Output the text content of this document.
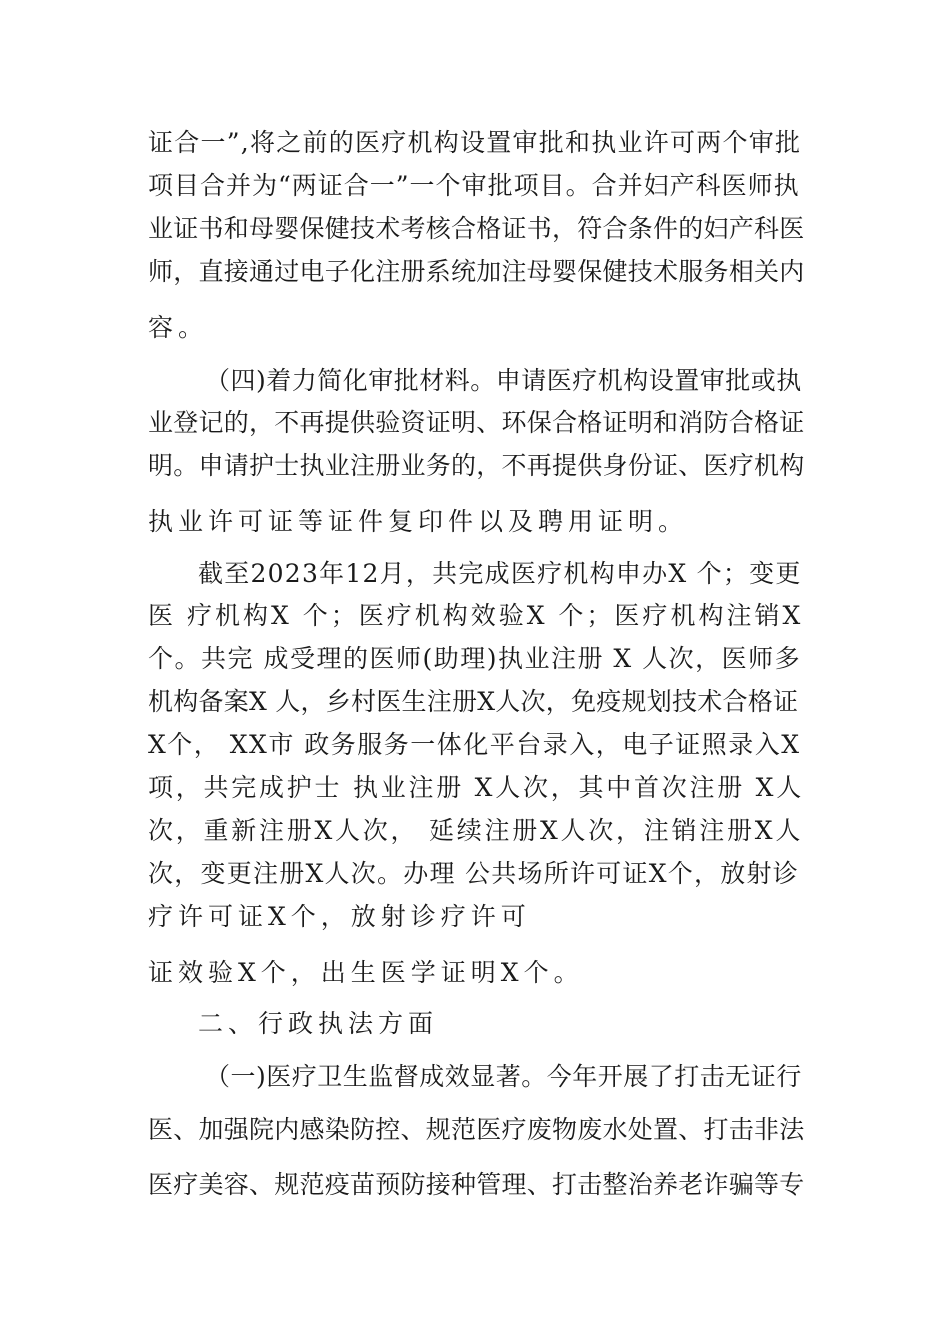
证合一”,将之前的医疗机构设置审批和执业许可两个审批
项目合并为“两证合一”一个审批项目。合并妇产科医师执
业证书和母婴保健技术考核合格证书，符合条件的妇产科医
师，直接通过电子化注册系统加注母婴保健技术服务相关内
容。
（四)着力简化审批材料。申请医疗机构设置审批或执
业登记的，不再提供验资证明、环保合格证明和消防合格证
明。申请护士执业注册业务的，不再提供身份证、医疗机构
执业许可证等证件复印件以及聘用证明。
截至2023年12月，共完成医疗机构申办X 个；变更
医 疗机构X 个；医疗机构效验X 个；医疗机构注销X
个。共完 成受理的医师(助理)执业注册 X 人次，医师多
机构备案X 人，乡村医生注册X人次，免疫规划技术合格证
X个， XX市 政务服务一体化平台录入，电子证照录入X
项，共完成护士 执业注册 X人次，其中首次注册 X人
次，重新注册X人次， 延续注册X人次，注销注册X人
次，变更注册X人次。办理 公共场所许可证X个，放射诊
疗许可证X个，放射诊疗许可
证效验X个，出生医学证明X个。
二、行政执法方面
（一)医疗卫生监督成效显著。今年开展了打击无证行
医、加强院内感染防控、规范医疗废物废水处置、打击非法
医疗美容、规范疫苗预防接种管理、打击整治养老诈骗等专
